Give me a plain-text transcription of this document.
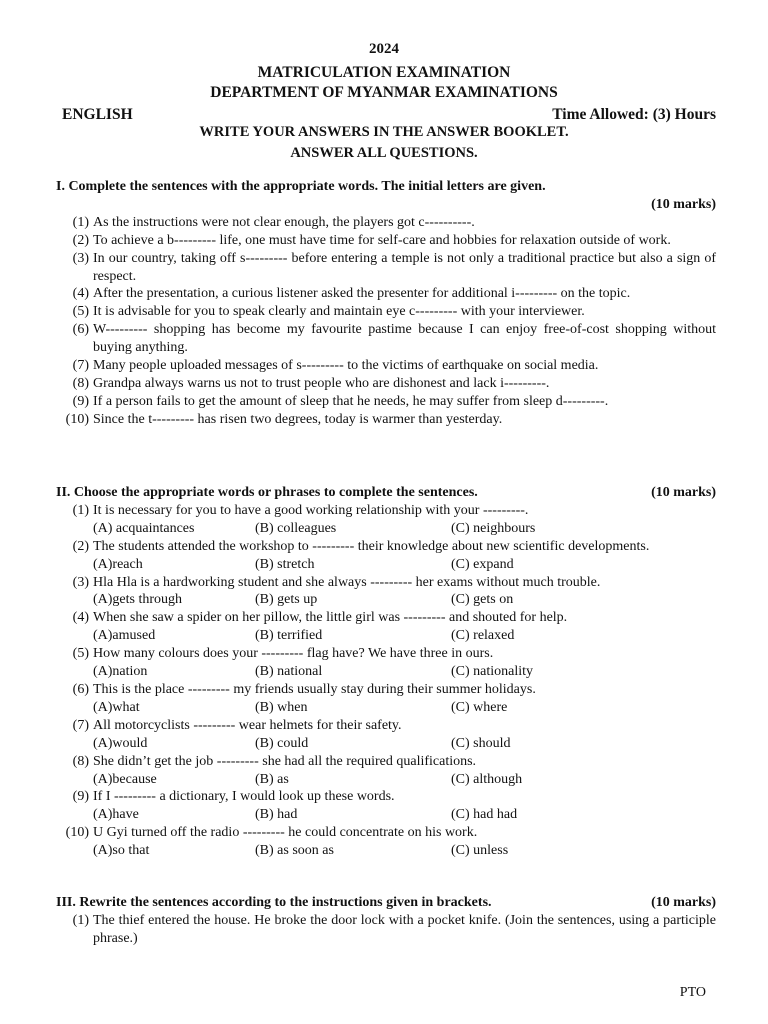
2024
MATRICULATION EXAMINATION
DEPARTMENT OF MYANMAR EXAMINATIONS
ENGLISH	Time Allowed: (3) Hours
WRITE YOUR ANSWERS IN THE ANSWER BOOKLET.
ANSWER ALL QUESTIONS.
I. Complete the sentences with the appropriate words. The initial letters are given.
(10 marks)
(1) As the instructions were not clear enough, the players got c----------.
(2) To achieve a b--------- life, one must have time for self-care and hobbies for relaxation outside of work.
(3) In our country, taking off s--------- before entering a temple is not only a traditional practice but also a sign of respect.
(4) After the presentation, a curious listener asked the presenter for additional i--------- on the topic.
(5) It is advisable for you to speak clearly and maintain eye c--------- with your interviewer.
(6) W--------- shopping has become my favourite pastime because I can enjoy free-of-cost shopping without buying anything.
(7) Many people uploaded messages of s--------- to the victims of earthquake on social media.
(8) Grandpa always warns us not to trust people who are dishonest and lack i---------.
(9) If a person fails to get the amount of sleep that he needs, he may suffer from sleep d---------.
(10) Since the t--------- has risen two degrees, today is warmer than yesterday.
II. Choose the appropriate words or phrases to complete the sentences.	(10 marks)
(1) It is necessary for you to have a good working relationship with your ---------.
(A) acquaintances	(B) colleagues	(C) neighbours
(2) The students attended the workshop to --------- their knowledge about new scientific developments.
(A)reach	(B) stretch	(C) expand
(3) Hla Hla is a hardworking student and she always --------- her exams without much trouble.
(A)gets through	(B) gets up	(C) gets on
(4) When she saw a spider on her pillow, the little girl was --------- and shouted for help.
(A)amused	(B) terrified	(C) relaxed
(5) How many colours does your --------- flag have? We have three in ours.
(A)nation	(B) national	(C) nationality
(6) This is the place --------- my friends usually stay during their summer holidays.
(A)what	(B) when	(C) where
(7) All motorcyclists --------- wear helmets for their safety.
(A)would	(B) could	(C) should
(8) She didn’t get the job --------- she had all the required qualifications.
(A)because	(B) as	(C) although
(9) If I --------- a dictionary, I would look up these words.
(A)have	(B) had	(C) had had
(10) U Gyi turned off the radio --------- he could concentrate on his work.
(A)so that	(B) as soon as	(C) unless
III. Rewrite the sentences according to the instructions given in brackets.	(10 marks)
(1) The thief entered the house. He broke the door lock with a pocket knife. (Join the sentences, using a participle phrase.)
PTO
